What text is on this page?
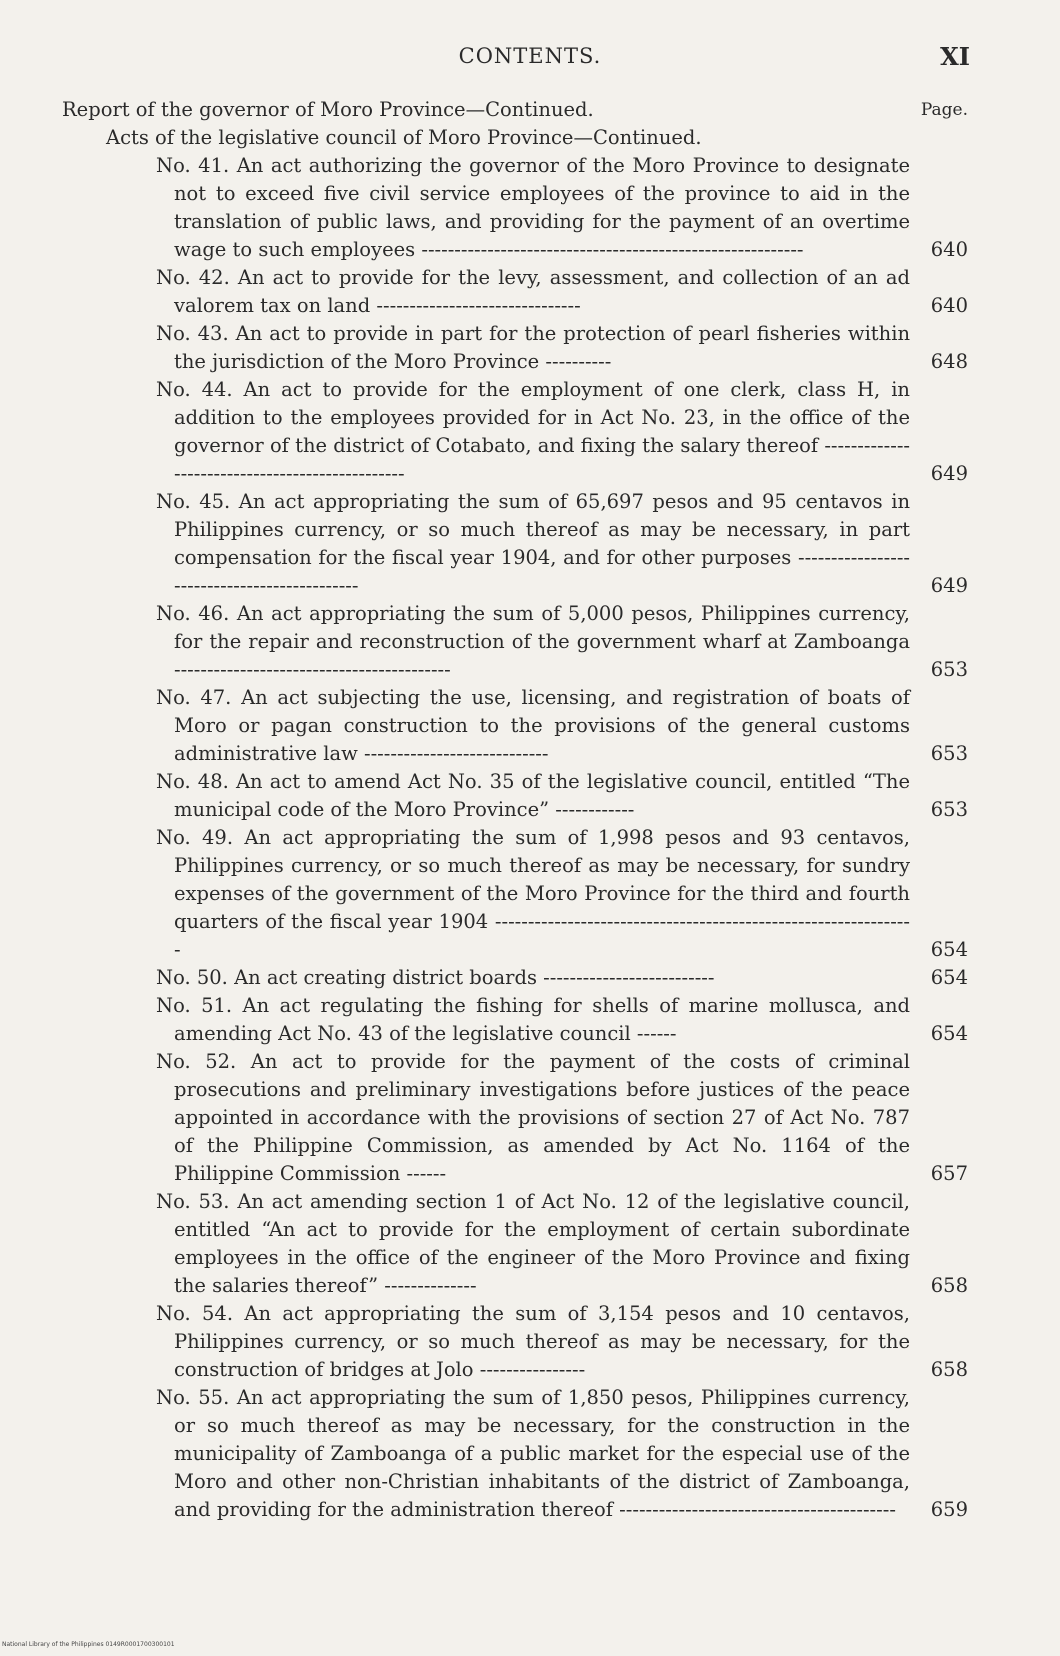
CONTENTS.	XI
Report of the governor of Moro Province—Continued.	Page.
Acts of the legislative council of Moro Province—Continued.
No. 41. An act authorizing the governor of the Moro Province to designate not to exceed five civil service employees of the province to aid in the translation of public laws, and providing for the payment of an overtime wage to such employees ----------------------------------------------------------	640
No. 42. An act to provide for the levy, assessment, and collection of an ad valorem tax on land -------------------------------	640
No. 43. An act to provide in part for the protection of pearl fisheries within the jurisdiction of the Moro Province ----------	648
No. 44. An act to provide for the employment of one clerk, class H, in addition to the employees provided for in Act No. 23, in the office of the governor of the district of Cotabato, and fixing the salary thereof ------------------------------------------------	649
No. 45. An act appropriating the sum of 65,697 pesos and 95 centavos in Philippines currency, or so much thereof as may be necessary, in part compensation for the fiscal year 1904, and for other purposes ---------------------------------------------	649
No. 46. An act appropriating the sum of 5,000 pesos, Philippines currency, for the repair and reconstruction of the government wharf at Zamboanga ------------------------------------------	653
No. 47. An act subjecting the use, licensing, and registration of boats of Moro or pagan construction to the provisions of the general customs administrative law ----------------------------	653
No. 48. An act to amend Act No. 35 of the legislative council, entitled “The municipal code of the Moro Province” ------------	653
No. 49. An act appropriating the sum of 1,998 pesos and 93 centavos, Philippines currency, or so much thereof as may be necessary, for sundry expenses of the government of the Moro Province for the third and fourth quarters of the fiscal year 1904 ----------------------------------------------------------------	654
No. 50. An act creating district boards --------------------------	654
No. 51. An act regulating the fishing for shells of marine mollusca, and amending Act No. 43 of the legislative council ------	654
No. 52. An act to provide for the payment of the costs of criminal prosecutions and preliminary investigations before justices of the peace appointed in accordance with the provisions of section 27 of Act No. 787 of the Philippine Commission, as amended by Act No. 1164 of the Philippine Commission ------	657
No. 53. An act amending section 1 of Act No. 12 of the legislative council, entitled “An act to provide for the employment of certain subordinate employees in the office of the engineer of the Moro Province and fixing the salaries thereof” --------------	658
No. 54. An act appropriating the sum of 3,154 pesos and 10 centavos, Philippines currency, or so much thereof as may be necessary, for the construction of bridges at Jolo ----------------	658
No. 55. An act appropriating the sum of 1,850 pesos, Philippines currency, or so much thereof as may be necessary, for the construction in the municipality of Zamboanga of a public market for the especial use of the Moro and other non-Christian inhabitants of the district of Zamboanga, and providing for the administration thereof ------------------------------------------	659
National Library of the Philippines 0149R0001700300101
